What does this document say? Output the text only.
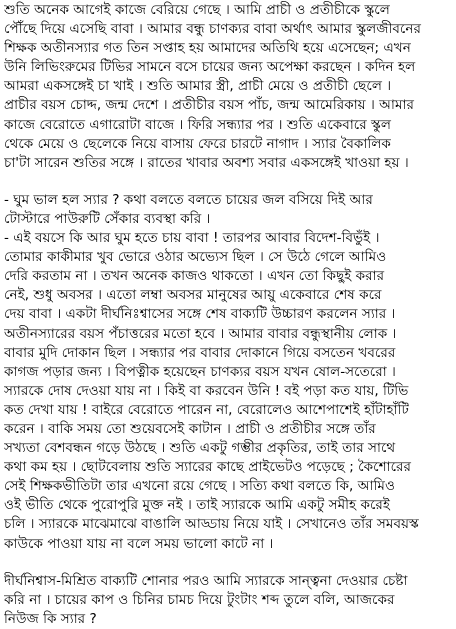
শুতি অনেক আগেই কাজে বেরিয়ে গেছে । আমি প্রাচী ও প্রতীচীকে স্কুলে
পৌঁছে দিয়ে এসেছি বাবা । আমার বন্ধু চাণক্যর বাবা অর্থাৎ আমার স্কুলজীবনের
শিক্ষক অতীনস্যার গত তিন সপ্তাহ হয় আমাদের অতিথি হয়ে এসেছেন; এখন
উনি লিভিংরুমের টিভির সামনে বসে চায়ের জন্য অপেক্ষা করছেন । কদিন হল
আমরা একসঙ্গেই চা খাই । শুতি আমার স্ত্রী, প্রাচী মেয়ে ও প্রতীচী ছেলে ।
প্রাচীর বয়স চোদ্দ, জন্ম দেশে । প্রতীচীর বয়স পাঁচ, জন্ম আমেরিকায় । আমার
কাজে বেরোতে এগারোটা বাজে । ফিরি সন্ধ্যার পর । শুতি একেবারে স্কুল
থেকে মেয়ে ও ছেলেকে নিয়ে বাসায় ফেরে চারটে নাগাদ । স্যার বৈকালিক
চা'টা সারেন শুতির সঙ্গে । রাতের খাবার অবশ্য সবার একসঙ্গেই খাওয়া হয় ।
- ঘুম ভাল হল স্যার ? কথা বলতে বলতে চায়ের জল বসিয়ে দিই আর
টোস্টারে পাউরুটি সেঁকার ব্যবস্থা করি ।
- এই বয়সে কি আর ঘুম হতে চায় বাবা ! তারপর আবার বিদেশ-বিভুঁই ।
তোমার কাকীমার খুব ভোরে ওঠার অভ্যেস ছিল । সে উঠে গেলে আমিও
দেরি করতাম না । তখন অনেক কাজও থাকতো । এখন তো কিছুই করার
নেই, শুধু অবসর । এতো লম্বা অবসর মানুষের আয়ু একেবারে শেষ করে
দেয় বাবা । একটা দীর্ঘনিঃশ্বাসের সঙ্গে শেষ বাক্যটি উচ্চারণ করলেন স্যার ।
অতীনস্যারের বয়স পঁচাত্তরের মতো হবে । আমার বাবার বন্ধুস্থানীয় লোক ।
বাবার মুদি দোকান ছিল । সন্ধ্যার পর বাবার দোকানে গিয়ে বসতেন খবরের
কাগজ পড়ার জন্য । বিপত্নীক হয়েছেন চাণক্যর বয়স যখন ষোল-সতেরো ।
স্যারকে দোষ দেওয়া যায় না । কিই বা করবেন উনি ! বই পড়া কত যায়, টিভি
কত দেখা যায় ! বাইরে বেরোতে পারেন না, বেরোলেও আশেপাশেই হাঁটাহাঁটি
করেন । বাকি সময় তো শুয়েবসেই কাটান । প্রাচী ও প্রতীচীর সঙ্গে তাঁর
সখ্যতা বেশবন্ধন গড়ে উঠছে । শুতি একটু গম্ভীর প্রকৃতির, তাই তার সাথে
কথা কম হয় । ছোটবেলায় শুতি স্যারের কাছে প্রাইভেটও পড়েছে ; কৈশোরের
সেই শিক্ষকভীতিটা তার এখনো রয়ে গেছে । সত্যি কথা বলতে কি, আমিও
ওই ভীতি থেকে পুরোপুরি মুক্ত নই । তাই স্যারকে আমি একটু সমীহ করেই
চলি । স্যারকে মাঝেমাঝে বাঙালি আড্ডায় নিয়ে যাই । সেখানেও তাঁর সমবয়স্ক
কাউকে পাওয়া যায় না বলে সময় ভালো কাটে না ।
দীর্ঘনিশ্বাস-মিশ্রিত বাক্যটি শোনার পরও আমি স্যারকে সান্ত্বনা দেওয়ার চেষ্টা
করি না । চায়ের কাপ ও চিনির চামচ দিয়ে টুংটাং শব্দ তুলে বলি, আজকের
নিউজ কি স্যার ?
